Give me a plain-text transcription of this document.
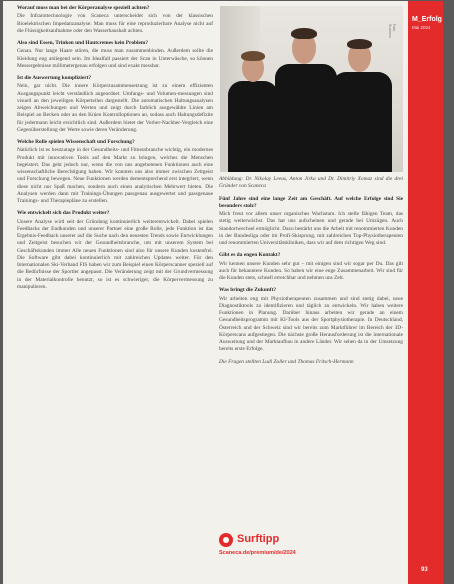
Worauf muss man bei der Körperanalyse speziell achten?

Die Infrarottechnologie von Scaneca unterscheidet sich von der klassischen Bioelektrischen Impedanzanalyse: Man muss für eine reproduzierbare Analyse nicht auf die Flüssigkeitsaufnahme oder den Wasserhaushalt achten.

Also sind Essen, Trinken und Hautcremes kein Problem?

Genau. Nur lange Haare stören, die muss man zusammenbinden. Außerdem sollte die Kleidung eng anliegend sein. Im Idealfall passiert der Scan in Unterwäsche, so können Messergebnisse millimetergenau erfolgen und sind exakt messbar.

Ist die Auswertung kompliziert?

Nein, gar nicht. Die innere Körperzusammensetzung ist zu einem effizienten Ausgangspunkt leicht verständlich angeordnet. Umfangs- und Volumen-messungen sind visuell an den jeweiligen Körperteilen dargestellt. Die automatischen Haltungsanalysen zeigen Abweichungen und Werten und zeigt durch farblich ausgewählte Linien am Beispiel an Becken oder an den Knien Kontrolloptionen an, sodass auch Haltungsdefizite für jedermann leicht ersichtlich sind. Außerdem bietet der Vorher-Nachher-Vergleich eine Gegenüberstellung der Werte sowie deren Veränderung.

Welche Rolle spielen Wissenschaft und Forschung?

Natürlich ist es heutzutage in der Gesundheits- und Fitnessbranche wichtig, ein modernes Produkt mit innovativen Tools auf den Markt zu bringen, welches die Menschen begeistert. Das geht jedoch nur, wenn die von uns angebotenen Funktionen auch eine wissenschaftliche Berechtigung haben. Wir konnten uns also immer zwischen Zeitgeist und Forschung bewegen. Neue Funktionen werden dementsprechend erst integriert, wenn diese nicht nur Spaß machen, sondern auch einen analytischen Mehrwert bieten. Die Analysen werden dann mit Trainings-Übungen passgenau ausgewertet und passgenaue Trainings- und Therapiepläne zu erstellen.

Wie entwickelt sich das Produkt weiter?

Unsere Analyse wird seit der Gründung kontinuierlich weiterentwickelt. Dabei spielen Feedbacks der Endkunden und unserer Partner eine große Rolle, jede Funktion ist das Ergebnis-Feedback unserer auf die Suche nach den neuesten Trends sowie Entwicklungen und Zeitgeist besuchen wir der Gesundheitsbranche, um mit unserem System bei Geschäftskunden immer Alle neuen Funktionen sind also für unsere Kunden kostenfrei. Die Software gibt dabei kontinuierlich mit zahlreichen Updates weiter. Für den Internationalen Ski-Verband FIS haben wir zum Beispiel einen Körperscanner speziell auf die Bedürfnisse der Sportler angepasst. Die Veränderung zeigt mit der Grundvermessung in der Materialkontrolle benutzt, so ist es schwieriger, die Körpervermessung zu manipulieren.

Foto: Scaneca

Abbildung: Dr. Nikolay Leeus, Anton Jirka und Dr. Dimitriy Xomaz sind die drei Gründer von Scaneca

Fünf Jahre sind eine lange Zeit am Geschäft. Auf welche Erfolge sind Sie besonders stolz?

Mich freut vor allem unser organisches Wachstum. Ich stelle fähigen Team, das stetig weiterwächst. Das hat uns aufscheinen und gerade bei Umzügen. Auch Standortwechsel ermöglicht. Dazu bestärkt uns die Arbeit mit renommierten Kunden in der Bundesliga oder im Profi-Skisprung, mit zahlreichen Top-Physiotherapeuten und renommierten Universitätskliniken, dass wir auf dem richtigen Weg sind.

Gibt es da engen Kontakt?

Wir kennen unsere Kunden sehr gut – mit einigen sind wir sogar per Du. Das gilt auch für bekanntere Kunden. So haben wir eine enge Zusammenarbeit. Wir sind für die Kunden stets, schnell erreichbar und nehmen uns Zeit.

Was bringt die Zukunft?

Wir arbeiten eng mit Physiotherapeuten zusammen und sind stetig dabei, neue Diagnostiktools zu identifizieren und täglich zu entwickeln. Wir haben weitere Funktionen in Planung. Darüber hinaus arbeiten wir gerade an einem Gesundheitsprogramm mit KI-Tools aus der Sportphysiotherapie. In Deutschland, Österreich und der Schweiz sind wir bereits zum Marktführer im Bereich der 3D-Körperscans aufgestiegen. Die nächste große Herausforderung ist die internationale Ausweitung und der Marktaufbau in andere Länder. Wir sehen da in der Umsetzung bereits erste Erfolge.

Die Fragen stellten Ludi Zoller und Thomas Fritsch-Hermann

Surftipp
Scaneca.de/premium/de/2024
M_Erfolg
Mai 2024
93
